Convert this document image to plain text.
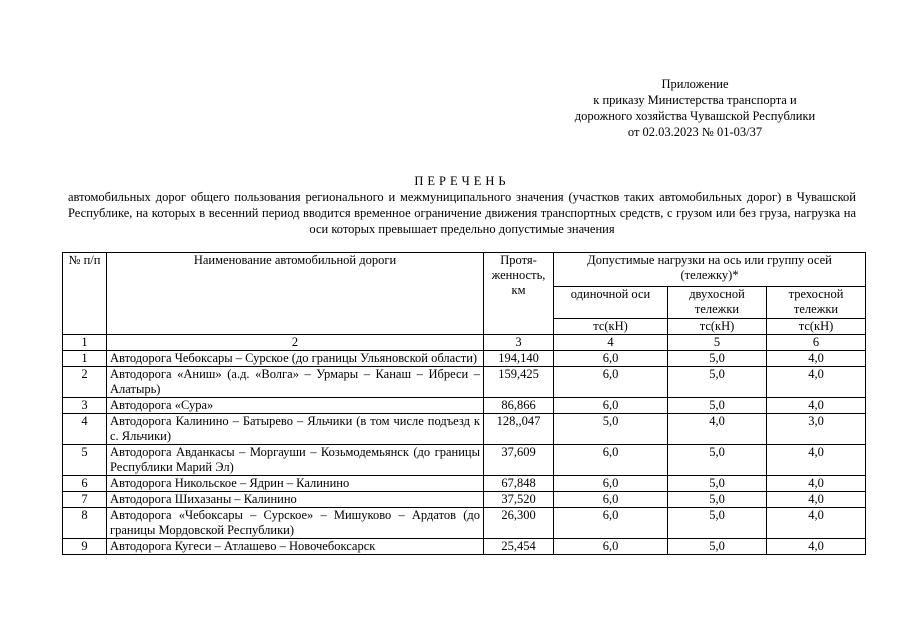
Приложение
к приказу Министерства транспорта и
дорожного хозяйства Чувашской Республики
от 02.03.2023 № 01-03/37
ПЕРЕЧЕНЬ
автомобильных дорог общего пользования регионального и межмуниципального значения (участков таких автомобильных дорог) в Чувашской Республике, на которых в весенний период вводится временное ограничение движения транспортных средств, с грузом или без груза, нагрузка на оси которых превышает предельно допустимые значения
№ п/п	Наименование автомобильной дороги	Протя-женность, км	Допустимые нагрузки на ось или группу осей (тележку)*		
			одиночной оси	двухосной тележки	трехосной тележки
			тс(кН)	тс(кН)	тс(кН)
1	2	3	4	5	6
1	Автодорога Чебоксары – Сурское (до границы Ульяновской области)	194,140	6,0	5,0	4,0
2	Автодорога «Аниш» (а.д. «Волга» – Урмары – Канаш – Ибреси – Алатырь)	159,425	6,0	5,0	4,0
3	Автодорога «Сура»	86,866	6,0	5,0	4,0
4	Автодорога Калинино – Батырево – Яльчики (в том числе подъезд к с. Яльчики)	128,,047	5,0	4,0	3,0
5	Автодорога Авданкасы – Моргауши – Козьмодемьянск (до границы Республики Марий Эл)	37,609	6,0	5,0	4,0
6	Автодорога Никольское – Ядрин – Калинино	67,848	6,0	5,0	4,0
7	Автодорога Шихазаны – Калинино	37,520	6,0	5,0	4,0
8	Автодорога «Чебоксары – Сурское» – Мишуково – Ардатов (до границы Мордовской Республики)	26,300	6,0	5,0	4,0
9	Автодорога Кугеси – Атлашево – Новочебоксарск	25,454	6,0	5,0	4,0
